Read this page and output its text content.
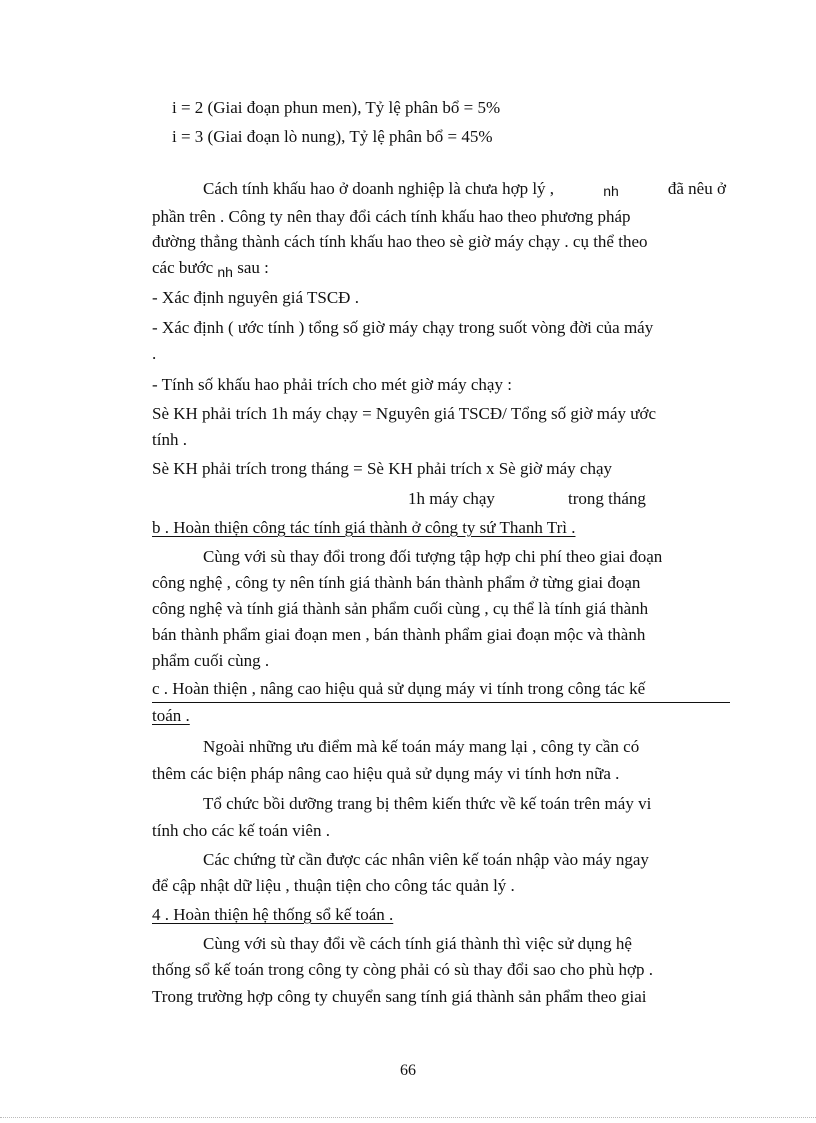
i = 2 (Giai đoạn phun men), Tỷ lệ phân bổ = 5%
i = 3 (Giai đoạn lò nung), Tỷ lệ phân bổ = 45%
Cách tính khấu hao ở doanh nghiệp là chưa hợp lý ,	nh	đã nêu ở
phần trên . Công ty nên thay đổi cách tính khấu hao theo phương pháp
đường thẳng thành cách tính khấu hao theo sè giờ máy chạy . cụ thể theo
các bước $_{nh}$ sau :
- Xác định nguyên giá TSCĐ .
- Xác định ( ước tính ) tổng số giờ máy chạy trong suốt vòng đời của máy
.
- Tính số khấu hao phải trích cho mét giờ máy chạy :
Sè KH phải trích 1h máy chạy = Nguyên giá TSCĐ/ Tổng số giờ máy ước
tính .
Sè KH phải trích trong tháng = Sè KH phải trích x Sè giờ máy chạy
1h máy chạy	trong tháng
b . Hoàn thiện công tác tính giá thành ở công ty sứ Thanh Trì .
Cùng với sù thay đổi trong đối tượng tập hợp chi phí theo giai đoạn
công nghệ , công ty nên tính giá thành bán thành phẩm ở từng giai đoạn
công nghệ và tính giá thành sản phẩm cuối cùng , cụ thể là tính giá thành
bán thành phẩm giai đoạn men , bán thành phẩm giai đoạn mộc và thành
phẩm cuối cùng .
c . Hoàn thiện , nâng cao hiệu quả sử dụng máy vi tính trong công tác kế
toán .
Ngoài những ưu điểm mà kế toán máy mang lại , công ty cần có
thêm các biện pháp nâng cao hiệu quả sử dụng máy vi tính hơn nữa .
Tổ chức bồi dưỡng trang bị thêm kiến thức về kế toán trên máy vi
tính cho các kế toán viên .
Các chứng từ cần được các nhân viên kế toán nhập vào máy ngay
để cập nhật dữ liệu , thuận tiện cho công tác quản lý .
4 . Hoàn thiện hệ thống sổ kế toán .
Cùng với sù thay đổi về cách tính giá thành thì việc sử dụng hệ
thống sổ kế toán trong công ty còng phải có sù thay đổi sao cho phù hợp .
Trong trường hợp công ty chuyển sang tính giá thành sản phẩm theo giai
66
